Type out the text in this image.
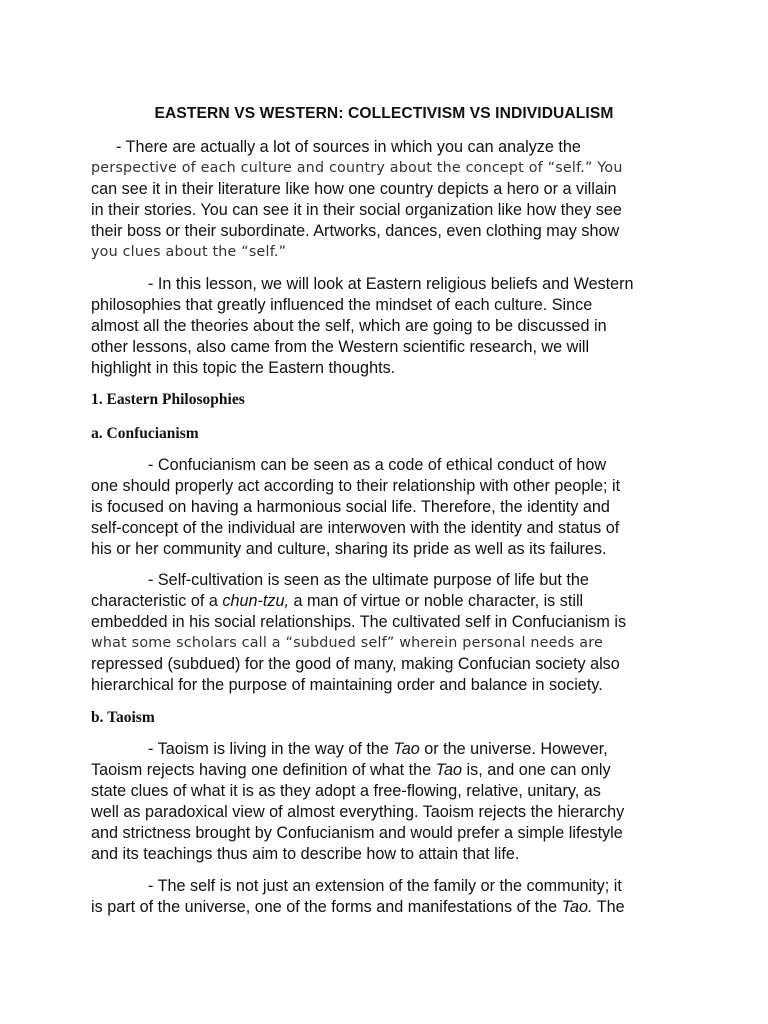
EASTERN VS WESTERN: COLLECTIVISM VS INDIVIDUALISM
- There are actually a lot of sources in which you can analyze the
perspective of each culture and country about the concept of “self.” You
can see it in their literature like how one country depicts a hero or a villain
in their stories. You can see it in their social organization like how they see
their boss or their subordinate. Artworks, dances, even clothing may show
you clues about the “self.”
- In this lesson, we will look at Eastern religious beliefs and Western
philosophies that greatly influenced the mindset of each culture. Since
almost all the theories about the self, which are going to be discussed in
other lessons, also came from the Western scientific research, we will
highlight in this topic the Eastern thoughts.
1. Eastern Philosophies
a. Confucianism
- Confucianism can be seen as a code of ethical conduct of how
one should properly act according to their relationship with other people; it
is focused on having a harmonious social life. Therefore, the identity and
self-concept of the individual are interwoven with the identity and status of
his or her community and culture, sharing its pride as well as its failures.
- Self-cultivation is seen as the ultimate purpose of life but the
characteristic of a chun-tzu, a man of virtue or noble character, is still
embedded in his social relationships. The cultivated self in Confucianism is
what some scholars call a “subdued self” wherein personal needs are
repressed (subdued) for the good of many, making Confucian society also
hierarchical for the purpose of maintaining order and balance in society.
b. Taoism
- Taoism is living in the way of the Tao or the universe. However,
Taoism rejects having one definition of what the Tao is, and one can only
state clues of what it is as they adopt a free-flowing, relative, unitary, as
well as paradoxical view of almost everything. Taoism rejects the hierarchy
and strictness brought by Confucianism and would prefer a simple lifestyle
and its teachings thus aim to describe how to attain that life.
- The self is not just an extension of the family or the community; it
is part of the universe, one of the forms and manifestations of the Tao. The
